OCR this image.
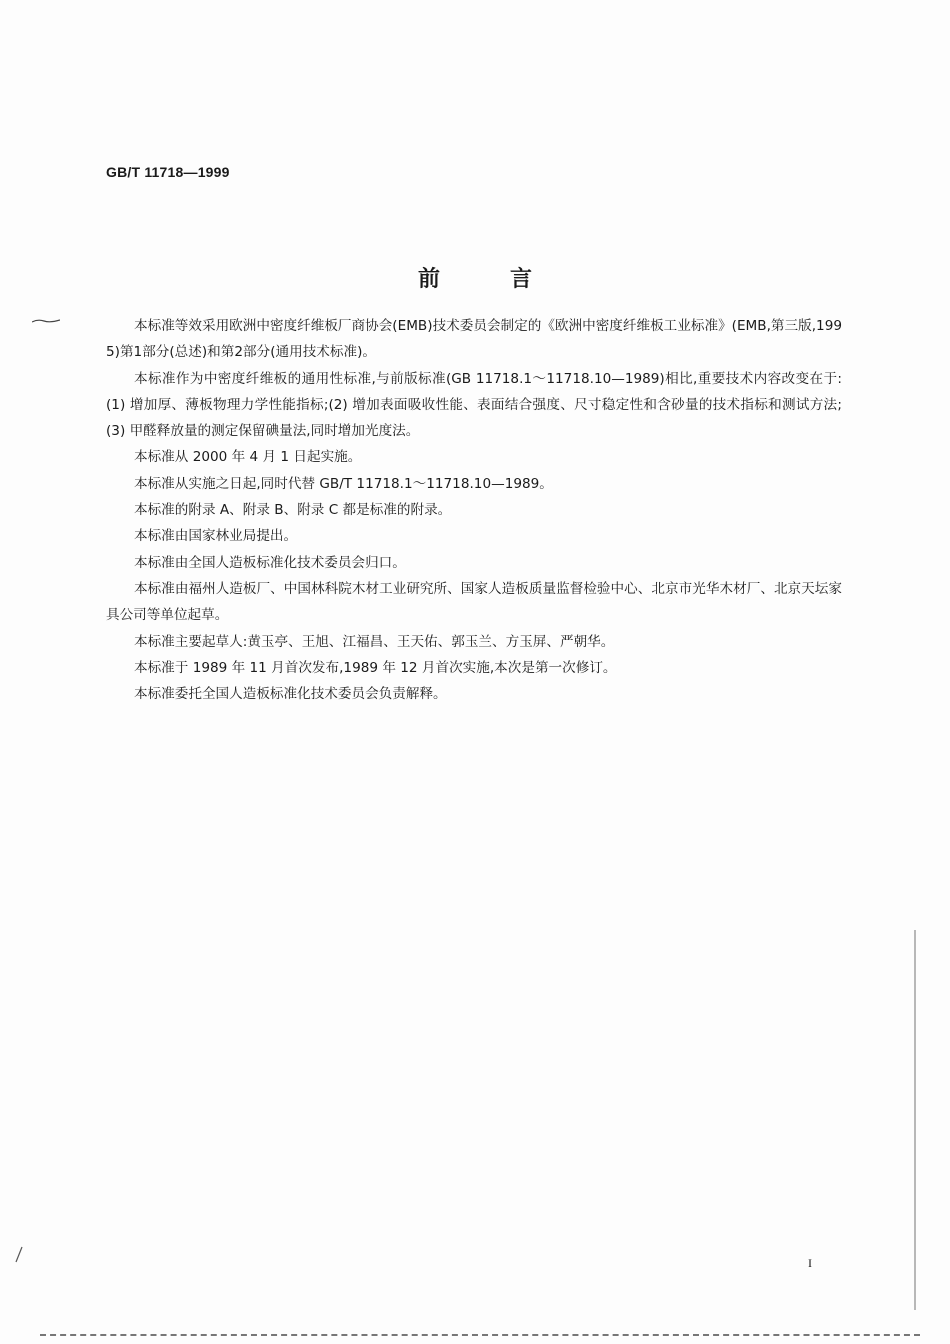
GB/T 11718—1999
前	言

本标准等效采用欧洲中密度纤维板厂商协会(EMB)技术委员会制定的《欧洲中密度纤维板工业标准》(EMB,第三版,1995)第1部分(总述)和第2部分(通用技术标准)。

本标准作为中密度纤维板的通用性标准,与前版标准(GB 11718.1～11718.10—1989)相比,重要技术内容改变在于:(1) 增加厚、薄板物理力学性能指标;(2) 增加表面吸收性能、表面结合强度、尺寸稳定性和含砂量的技术指标和测试方法;(3) 甲醛释放量的测定保留碘量法,同时增加光度法。

本标准从 2000 年 4 月 1 日起实施。

本标准从实施之日起,同时代替 GB/T 11718.1～11718.10—1989。

本标准的附录 A、附录 B、附录 C 都是标准的附录。

本标准由国家林业局提出。

本标准由全国人造板标准化技术委员会归口。

本标准由福州人造板厂、中国林科院木材工业研究所、国家人造板质量监督检验中心、北京市光华木材厂、北京天坛家具公司等单位起草。

本标准主要起草人:黄玉亭、王旭、江福昌、王天佑、郭玉兰、方玉屏、严朝华。

本标准于 1989 年 11 月首次发布,1989 年 12 月首次实施,本次是第一次修订。

本标准委托全国人造板标准化技术委员会负责解释。

I
